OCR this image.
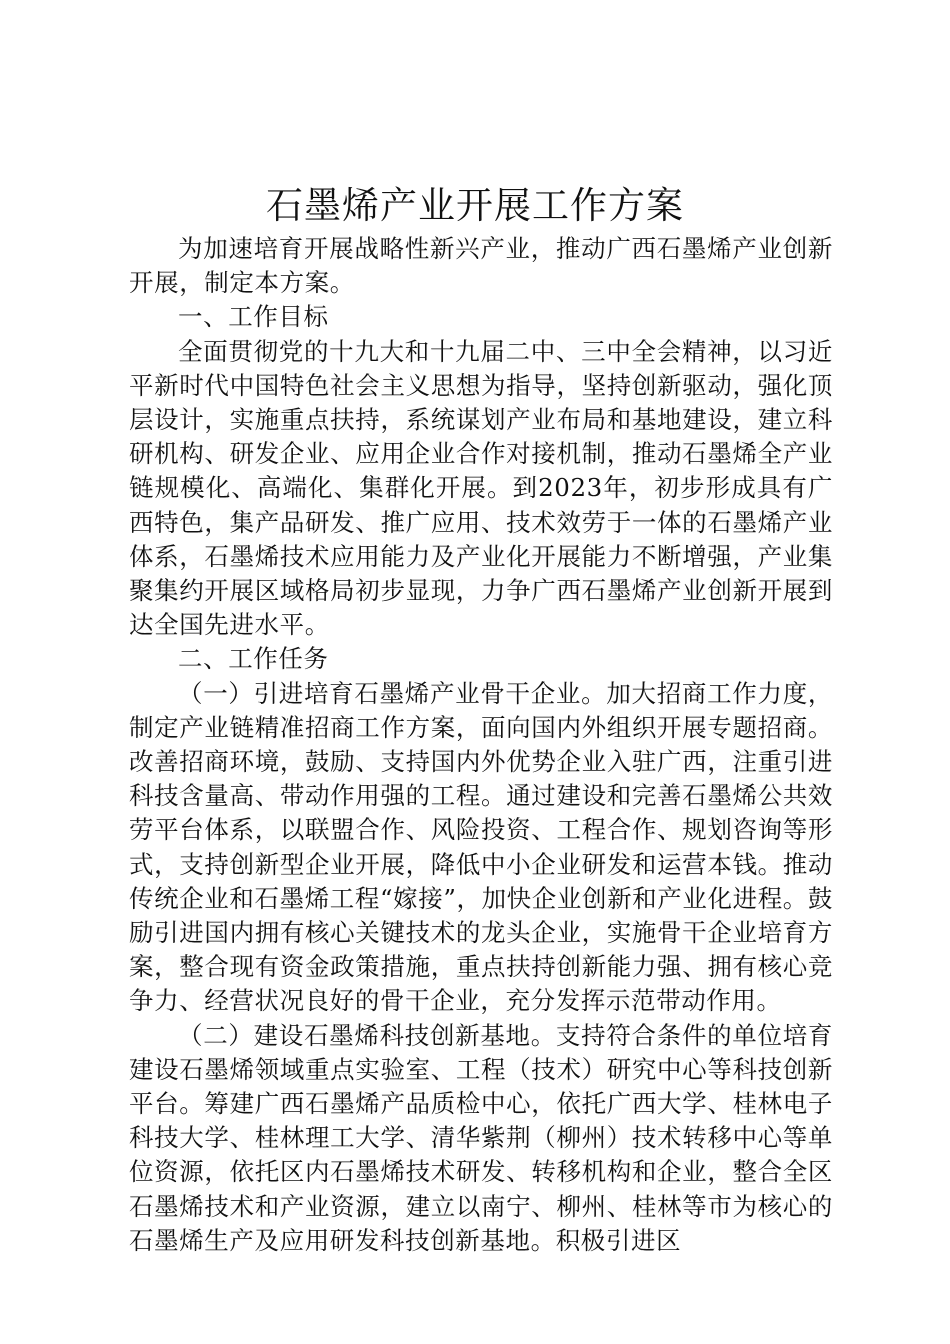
石墨烯产业开展工作方案

为加速培育开展战略性新兴产业，推动广西石墨烯产业创新开展，制定本方案。

一、工作目标

全面贯彻党的十九大和十九届二中、三中全会精神，以习近平新时代中国特色社会主义思想为指导，坚持创新驱动，强化顶层设计，实施重点扶持，系统谋划产业布局和基地建设，建立科研机构、研发企业、应用企业合作对接机制，推动石墨烯全产业链规模化、高端化、集群化开展。到2023年，初步形成具有广西特色，集产品研发、推广应用、技术效劳于一体的石墨烯产业体系，石墨烯技术应用能力及产业化开展能力不断增强，产业集聚集约开展区域格局初步显现，力争广西石墨烯产业创新开展到达全国先进水平。

二、工作任务

（一）引进培育石墨烯产业骨干企业。加大招商工作力度，制定产业链精准招商工作方案，面向国内外组织开展专题招商。改善招商环境，鼓励、支持国内外优势企业入驻广西，注重引进科技含量高、带动作用强的工程。通过建设和完善石墨烯公共效劳平台体系，以联盟合作、风险投资、工程合作、规划咨询等形式，支持创新型企业开展，降低中小企业研发和运营本钱。推动传统企业和石墨烯工程“嫁接”，加快企业创新和产业化进程。鼓励引进国内拥有核心关键技术的龙头企业，实施骨干企业培育方案，整合现有资金政策措施，重点扶持创新能力强、拥有核心竞争力、经营状况良好的骨干企业，充分发挥示范带动作用。

（二）建设石墨烯科技创新基地。支持符合条件的单位培育建设石墨烯领域重点实验室、工程（技术）研究中心等科技创新平台。筹建广西石墨烯产品质检中心，依托广西大学、桂林电子科技大学、桂林理工大学、清华紫荆（柳州）技术转移中心等单位资源，依托区内石墨烯技术研发、转移机构和企业，整合全区石墨烯技术和产业资源，建立以南宁、柳州、桂林等市为核心的石墨烯生产及应用研发科技创新基地。积极引进区
